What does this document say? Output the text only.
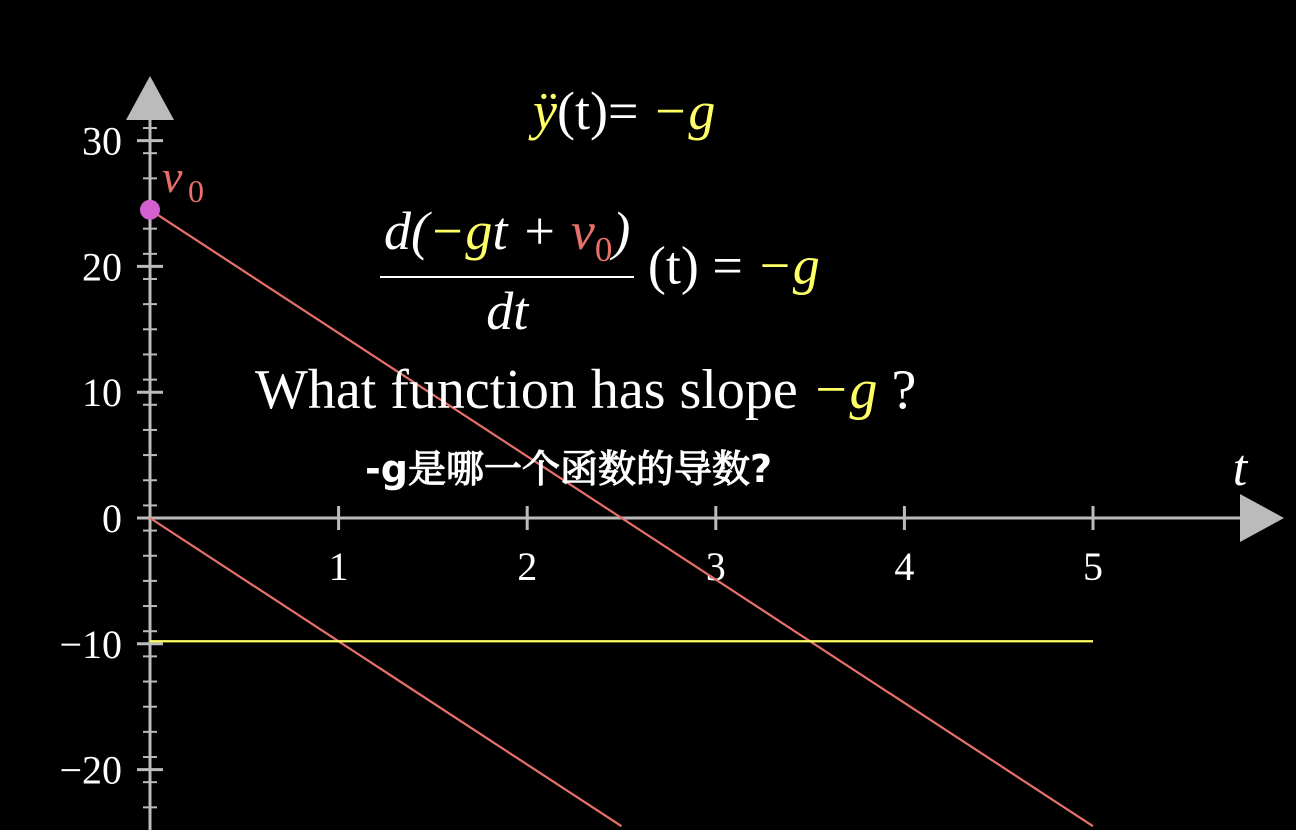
30
20
10
0
−10
−20
1	2	3	4	5
t
v 0
ÿ(t)= −g
$\frac{d(-gt + v_0)}{dt} (t) = -g$
What function has slope −g ?
-g是哪一个函数的导数?
